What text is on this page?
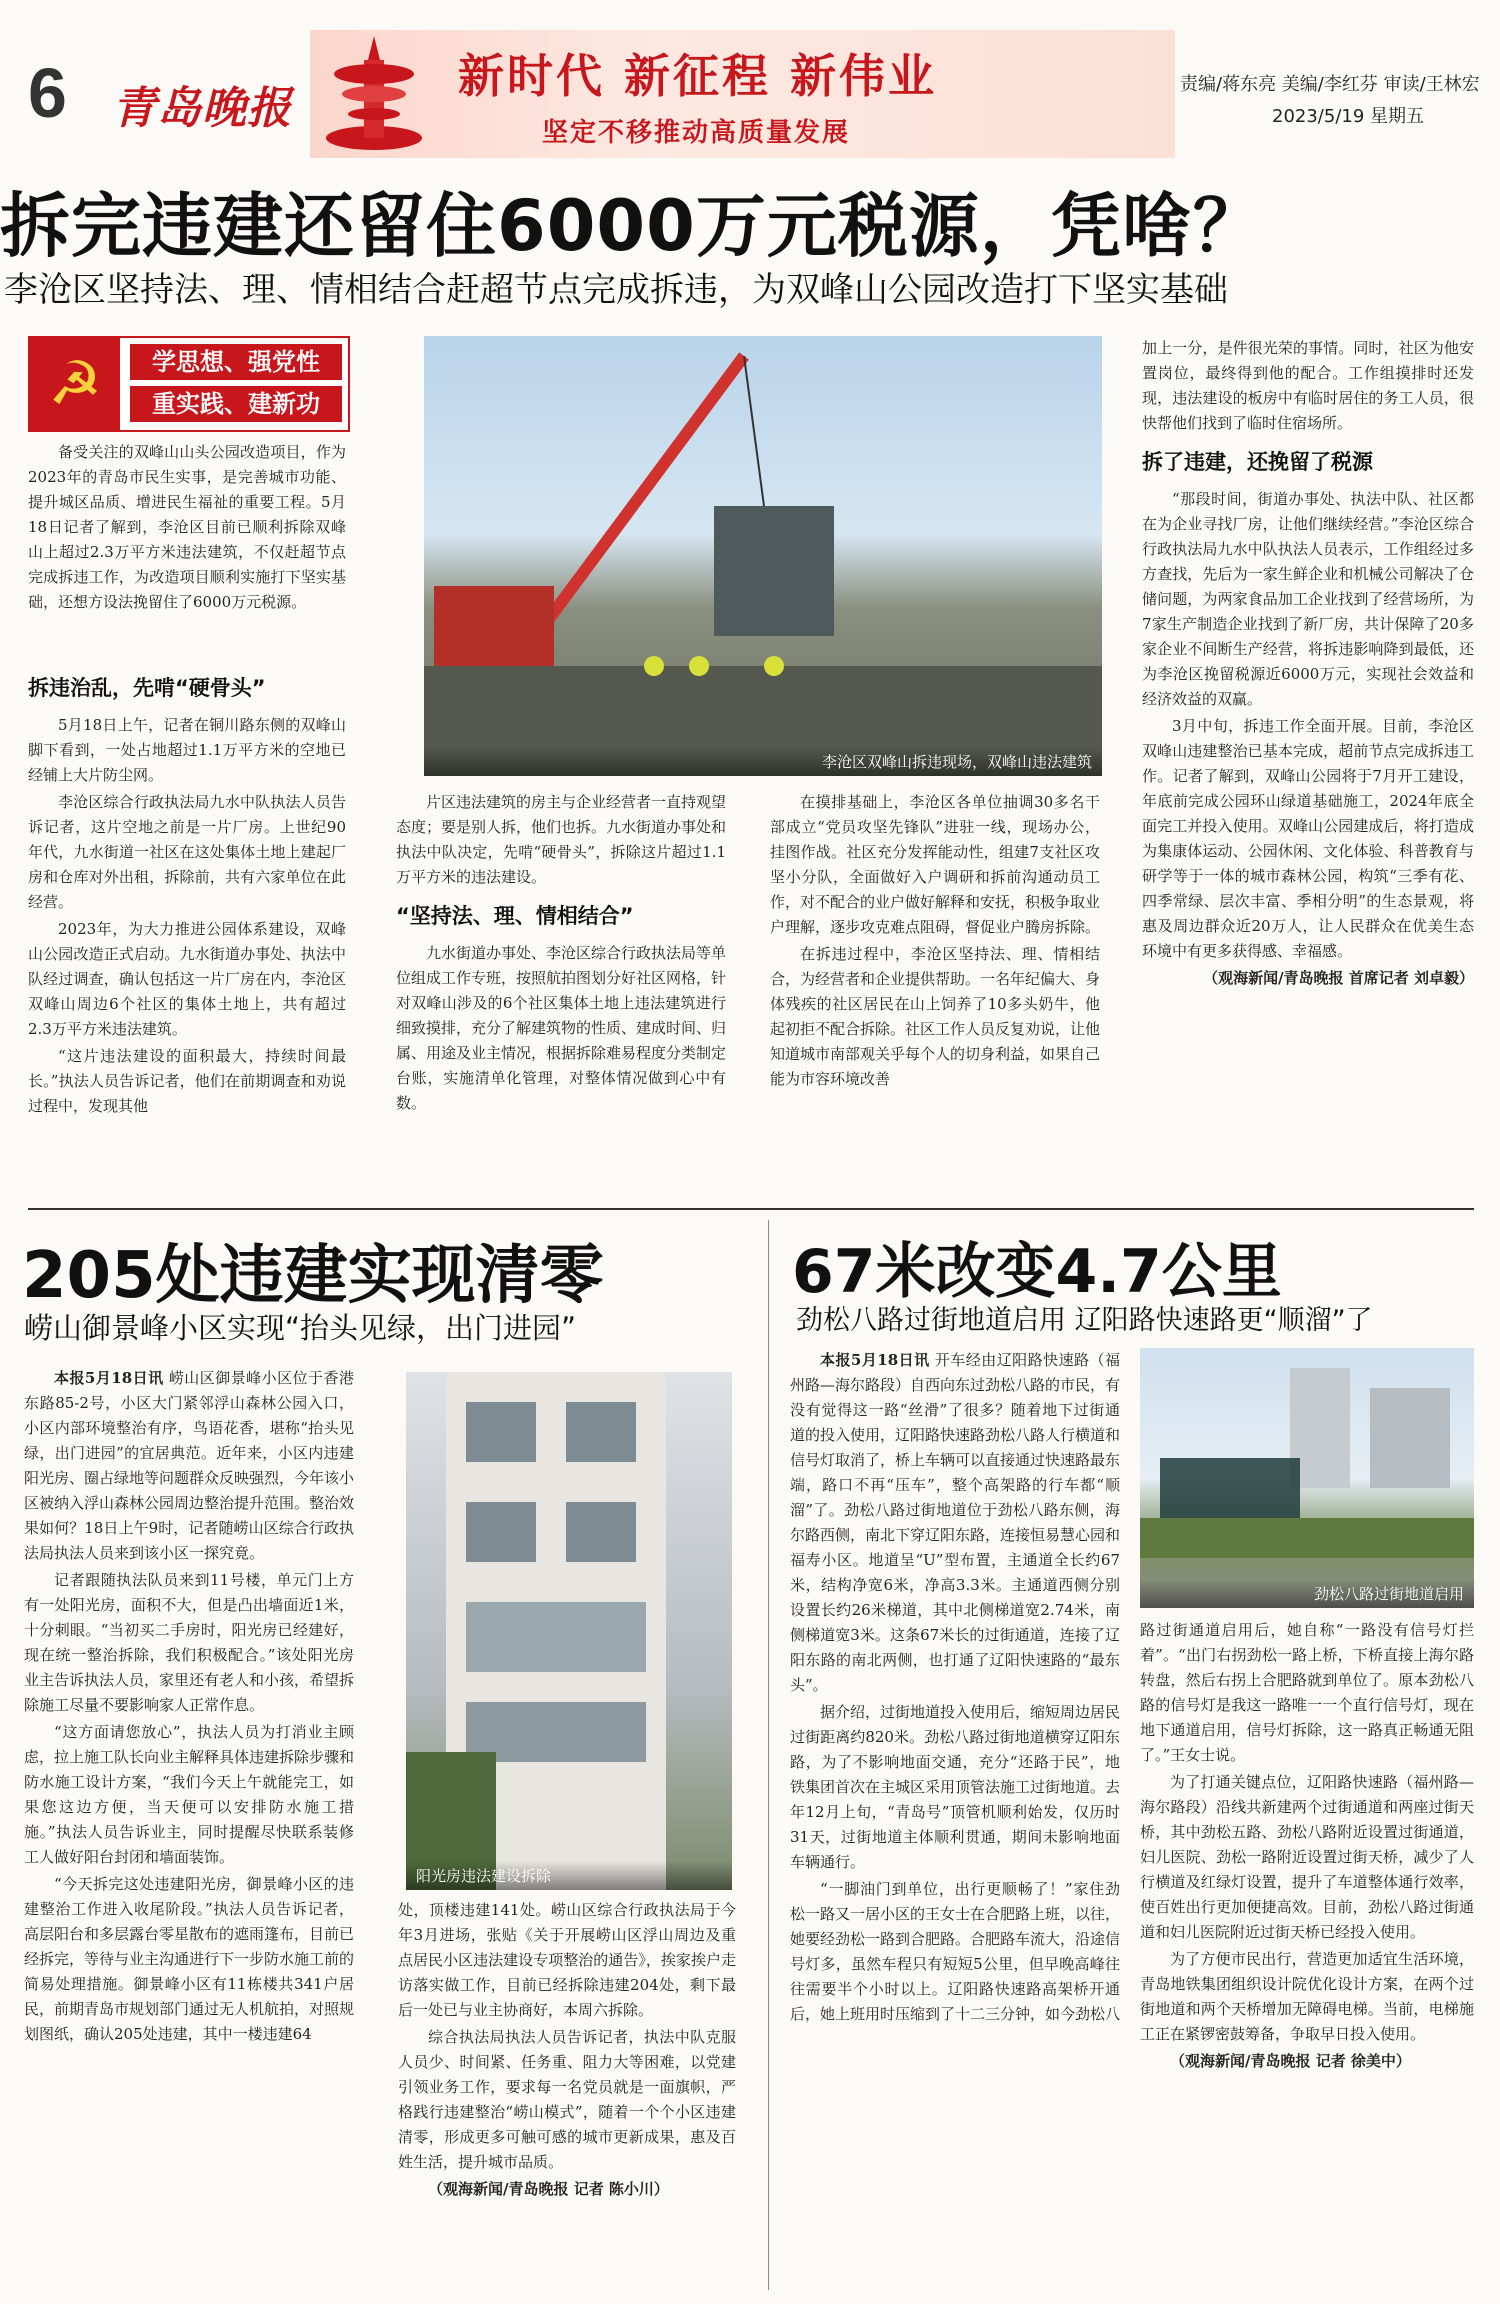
6 青岛晚报
新时代 新征程 新伟业
坚定不移推动高质量发展
责编/蒋东亮 美编/李红芬 审读/王林宏
2023/5/19 星期五
拆完违建还留住6000万元税源，凭啥？
李沧区坚持法、理、情相结合赶超节点完成拆违，为双峰山公园改造打下坚实基础
☭	学思想、强党性
重实践、建新功

备受关注的双峰山山头公园改造项目，作为2023年的青岛市民生实事，是完善城市功能、提升城区品质、增进民生福祉的重要工程。5月18日记者了解到，李沧区目前已顺利拆除双峰山上超过2.3万平方米违法建筑，不仅赶超节点完成拆违工作，为改造项目顺利实施打下坚实基础，还想方设法挽留住了6000万元税源。

李沧区双峰山拆违现场，双峰山违法建筑
拆违治乱，先啃“硬骨头”

5月18日上午，记者在铜川路东侧的双峰山脚下看到，一处占地超过1.1万平方米的空地已经铺上大片防尘网。

李沧区综合行政执法局九水中队执法人员告诉记者，这片空地之前是一片厂房。上世纪90年代，九水街道一社区在这处集体土地上建起厂房和仓库对外出租，拆除前，共有六家单位在此经营。

2023年，为大力推进公园体系建设，双峰山公园改造正式启动。九水街道办事处、执法中队经过调查，确认包括这一片厂房在内，李沧区双峰山周边6个社区的集体土地上，共有超过2.3万平方米违法建筑。

“这片违法建设的面积最大，持续时间最长。”执法人员告诉记者，他们在前期调查和劝说过程中，发现其他

片区违法建筑的房主与企业经营者一直持观望态度；要是别人拆，他们也拆。九水街道办事处和执法中队决定，先啃“硬骨头”，拆除这片超过1.1万平方米的违法建设。

“坚持法、理、情相结合”

九水街道办事处、李沧区综合行政执法局等单位组成工作专班，按照航拍图划分好社区网格，针对双峰山涉及的6个社区集体土地上违法建筑进行细致摸排，充分了解建筑物的性质、建成时间、归属、用途及业主情况，根据拆除难易程度分类制定台账，实施清单化管理，对整体情况做到心中有数。

在摸排基础上，李沧区各单位抽调30多名干部成立“党员攻坚先锋队”进驻一线，现场办公，挂图作战。社区充分发挥能动性，组建7支社区攻坚小分队，全面做好入户调研和拆前沟通动员工作，对不配合的业户做好解释和安抚，积极争取业户理解，逐步攻克难点阻碍，督促业户腾房拆除。

在拆违过程中，李沧区坚持法、理、情相结合，为经营者和企业提供帮助。一名年纪偏大、身体残疾的社区居民在山上饲养了10多头奶牛，他起初拒不配合拆除。社区工作人员反复劝说，让他知道城市南部观关乎每个人的切身利益，如果自己能为市容环境改善

加上一分，是件很光荣的事情。同时，社区为他安置岗位，最终得到他的配合。工作组摸排时还发现，违法建设的板房中有临时居住的务工人员，很快帮他们找到了临时住宿场所。

拆了违建，还挽留了税源

“那段时间，街道办事处、执法中队、社区都在为企业寻找厂房，让他们继续经营。”李沧区综合行政执法局九水中队执法人员表示，工作组经过多方查找，先后为一家生鲜企业和机械公司解决了仓储问题，为两家食品加工企业找到了经营场所，为7家生产制造企业找到了新厂房，共计保障了20多家企业不间断生产经营，将拆违影响降到最低，还为李沧区挽留税源近6000万元，实现社会效益和经济效益的双赢。

3月中旬，拆违工作全面开展。目前，李沧区双峰山违建整治已基本完成，超前节点完成拆违工作。记者了解到，双峰山公园将于7月开工建设，年底前完成公园环山绿道基础施工，2024年底全面完工并投入使用。双峰山公园建成后，将打造成为集康体运动、公园休闲、文化体验、科普教育与研学等于一体的城市森林公园，构筑“三季有花、四季常绿、层次丰富、季相分明”的生态景观，将惠及周边群众近20万人，让人民群众在优美生态环境中有更多获得感、幸福感。

（观海新闻/青岛晚报 首席记者 刘卓毅）

205处违建实现清零
崂山御景峰小区实现“抬头见绿，出门进园”

本报5月18日讯 崂山区御景峰小区位于香港东路85-2号，小区大门紧邻浮山森林公园入口，小区内部环境整治有序，鸟语花香，堪称“抬头见绿，出门进园”的宜居典范。近年来，小区内违建阳光房、圈占绿地等问题群众反映强烈，今年该小区被纳入浮山森林公园周边整治提升范围。整治效果如何？18日上午9时，记者随崂山区综合行政执法局执法人员来到该小区一探究竟。

记者跟随执法队员来到11号楼，单元门上方有一处阳光房，面积不大，但是凸出墙面近1米，十分刺眼。“当初买二手房时，阳光房已经建好，现在统一整治拆除，我们积极配合。”该处阳光房业主告诉执法人员，家里还有老人和小孩，希望拆除施工尽量不要影响家人正常作息。

“这方面请您放心”，执法人员为打消业主顾虑，拉上施工队长向业主解释具体违建拆除步骤和防水施工设计方案，“我们今天上午就能完工，如果您这边方便，当天便可以安排防水施工措施。”执法人员告诉业主，同时提醒尽快联系装修工人做好阳台封闭和墙面装饰。

“今天拆完这处违建阳光房，御景峰小区的违建整治工作进入收尾阶段。”执法人员告诉记者，高层阳台和多层露台零星散布的遮雨篷布，目前已经拆完，等待与业主沟通进行下一步防水施工前的简易处理措施。御景峰小区有11栋楼共341户居民，前期青岛市规划部门通过无人机航拍，对照规划图纸，确认205处违建，其中一楼违建64

阳光房违法建设拆除

处，顶楼违建141处。崂山区综合行政执法局于今年3月进场，张贴《关于开展崂山区浮山周边及重点居民小区违法建设专项整治的通告》，挨家挨户走访落实做工作，目前已经拆除违建204处，剩下最后一处已与业主协商好，本周六拆除。

综合执法局执法人员告诉记者，执法中队克服人员少、时间紧、任务重、阻力大等困难，以党建引领业务工作，要求每一名党员就是一面旗帜，严格践行违建整治“崂山模式”，随着一个个小区违建清零，形成更多可触可感的城市更新成果，惠及百姓生活，提升城市品质。

（观海新闻/青岛晚报 记者 陈小川）

67米改变4.7公里
劲松八路过街地道启用 辽阳路快速路更“顺溜”了

本报5月18日讯 开车经由辽阳路快速路（福州路—海尔路段）自西向东过劲松八路的市民，有没有觉得这一路“丝滑”了很多？随着地下过街通道的投入使用，辽阳路快速路劲松八路人行横道和信号灯取消了，桥上车辆可以直接通过快速路最东端，路口不再“压车”，整个高架路的行车都“顺溜”了。劲松八路过街地道位于劲松八路东侧，海尔路西侧，南北下穿辽阳东路，连接恒易慧心园和福寿小区。地道呈“U”型布置，主通道全长约67米，结构净宽6米，净高3.3米。主通道西侧分别设置长约26米梯道，其中北侧梯道宽2.74米，南侧梯道宽3米。这条67米长的过街通道，连接了辽阳东路的南北两侧，也打通了辽阳快速路的“最东头”。

据介绍，过街地道投入使用后，缩短周边居民过街距离约820米。劲松八路过街地道横穿辽阳东路，为了不影响地面交通，充分“还路于民”，地铁集团首次在主城区采用顶管法施工过街地道。去年12月上旬，“青岛号”顶管机顺利始发，仅历时31天，过街地道主体顺利贯通，期间未影响地面车辆通行。

“一脚油门到单位，出行更顺畅了！”家住劲松一路又一居小区的王女士在合肥路上班，以往，她要经劲松一路到合肥路。合肥路车流大，沿途信号灯多，虽然车程只有短短5公里，但早晚高峰往往需要半个小时以上。辽阳路快速路高架桥开通后，她上班用时压缩到了十二三分钟，如今劲松八

劲松八路过街地道启用

路过街通道启用后，她自称“一路没有信号灯拦着”。“出门右拐劲松一路上桥，下桥直接上海尔路转盘，然后右拐上合肥路就到单位了。原本劲松八路的信号灯是我这一路唯一一个直行信号灯，现在地下通道启用，信号灯拆除，这一路真正畅通无阻了。”王女士说。

为了打通关键点位，辽阳路快速路（福州路—海尔路段）沿线共新建两个过街通道和两座过街天桥，其中劲松五路、劲松八路附近设置过街通道，妇儿医院、劲松一路附近设置过街天桥，减少了人行横道及红绿灯设置，提升了车道整体通行效率，使百姓出行更加便捷高效。目前，劲松八路过街通道和妇儿医院附近过街天桥已经投入使用。

为了方便市民出行，营造更加适宜生活环境，青岛地铁集团组织设计院优化设计方案，在两个过街地道和两个天桥增加无障碍电梯。当前，电梯施工正在紧锣密鼓筹备，争取早日投入使用。

（观海新闻/青岛晚报 记者 徐美中）
